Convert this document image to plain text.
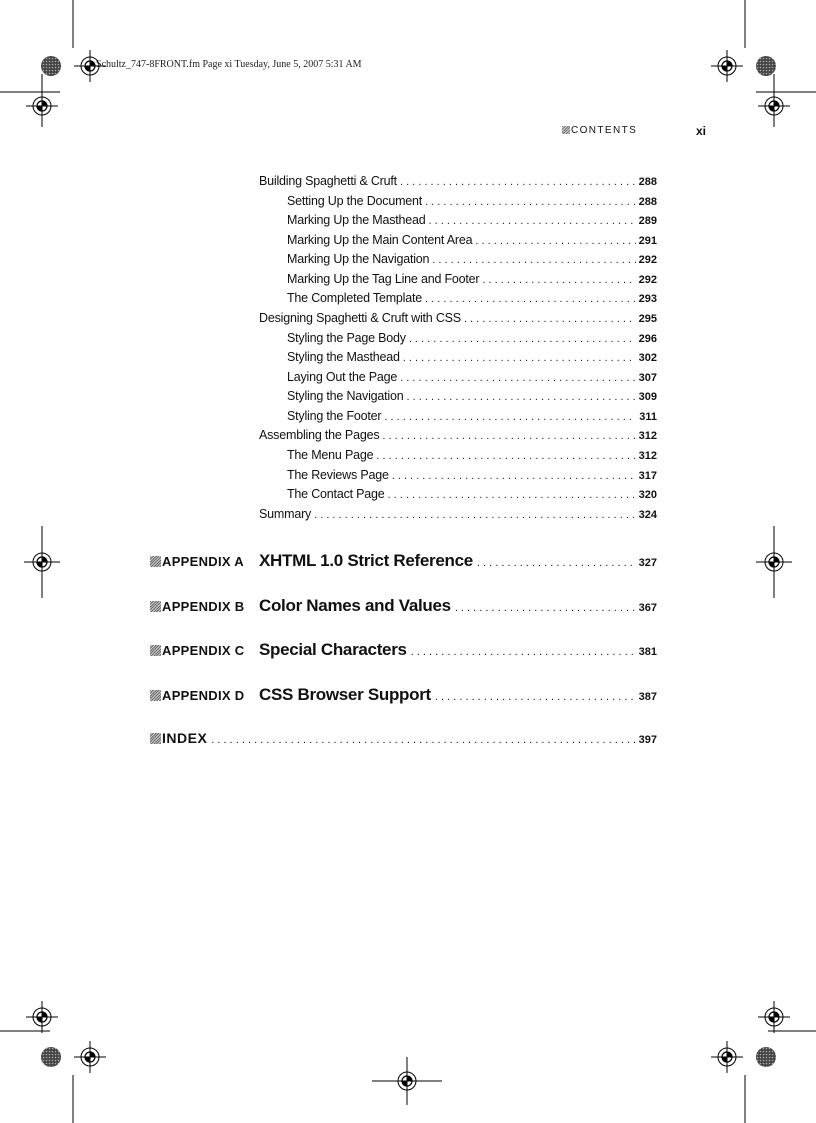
Schultz_747-8FRONT.fm Page xi Tuesday, June 5, 2007 5:31 AM
CONTENTS	xi
Building Spaghetti & Cruft . . .	288
Setting Up the Document . . .	288
Marking Up the Masthead . . .	289
Marking Up the Main Content Area . . .	291
Marking Up the Navigation . . .	292
Marking Up the Tag Line and Footer . . .	292
The Completed Template . . .	293
Designing Spaghetti & Cruft with CSS . . .	295
Styling the Page Body . . .	296
Styling the Masthead . . .	302
Laying Out the Page . . .	307
Styling the Navigation . . .	309
Styling the Footer . . .	311
Assembling the Pages . . .	312
The Menu Page . . .	312
The Reviews Page . . .	317
The Contact Page . . .	320
Summary . . .	324
APPENDIX A XHTML 1.0 Strict Reference . . .	327
APPENDIX B Color Names and Values . . .	367
APPENDIX C Special Characters . . .	381
APPENDIX D CSS Browser Support . . .	387
INDEX . . .	397
